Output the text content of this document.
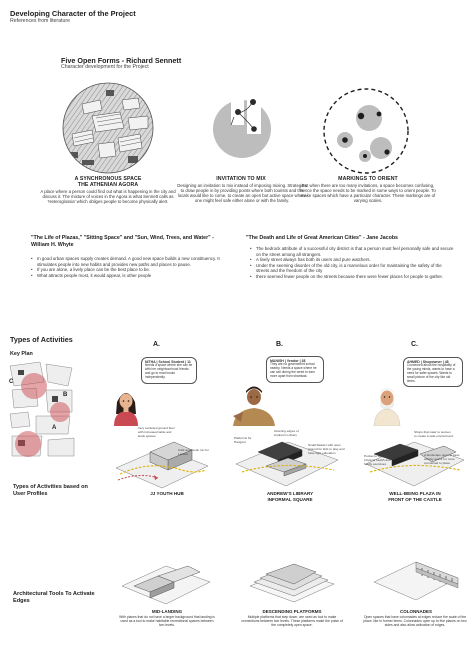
Developing Character of the Project
References from literature
Five Open Forms - Richard Sennett
Character development for the Project
A SYNCHRONOUS SPACE
THE ATHENIAN AGORA
A place where a person could find out what is happening in the city and discuss it. The mixture of voices in the Agora is what Sennett calls as 'Heteroglossia' which obliges people to become physically alert.
INVITATION TO MIX
Designing an invitation to mix instead of imposing mixing. Strategies to draw people in by providing points where both tourists and the locals would like to come, to create an open but active space where one might feel safe either alone or with the family.
MARKINGS TO ORIENT
But when there are too many invitations, a space becomes confusing, hence the space needs to be marked in some ways to orient people. To make spaces which have a particular character. These markings are of varying scales.
"The Life of Plazas," "Sitting Space" and "Sun, Wind, Trees, and Water" - William H. Whyte
• In good urban spaces supply creates demand. A good new space builds a new constituency. It stimulates people into new habits and provides new paths and places to pause.
• If you are alone, a lively place can be the best place to be.
• What attracts people most, it would appear, is other people
"The Death and Life of Great American Cities" - Jane Jacobs
• The bedrock attribute of a successful city district is that a person must feel personally safe and secure on the street among all strangers.
• A lively street always has both its users and pure watchers.
• Under the seeming disorder of the old city, is a marvelous order for maintaining the safety of the streets and the freedom of the city
• there seemed fewer people on the streets because there were fewer places for people to gather.
Types of Activities
Key Plan
C
B
A
Types of Activities based on User Profiles
Architectural Tools To Activate Edges
A.
NITHA | School Student | 11
Needs a space where she can be with her neighbourhood friends and go to read books independently.
Very secluded ground floor with increased table and kiosk spaces
Café and Kiosk run for Leisure
JJ YOUTH HUB
MID-LANDING
With places that do not have a larger background that landing is used as a tool to make habitable recreational spaces between two levels.
B.
MANISH | Vendor | 38
They are no government school nearby. Needs a space where he can sell during the week to earn more apart from shamiaal.
Platforms for Hangout
Outering edges of Andrew's Library
Small Reader with open ground for kids to play and have light education
ANDREW'S LIBRARY
INFORMAL SQUARE
DESCENDING PLATFORMS
Multiple platforms that step down, are used as tool to make connections between two levels. These platforms make the pulse of the completely open space.
C.
AHMED | Shopowner | 48
Concerned about the hospitality of the young minds, wants to have a need for safer spaces. Wants to small picture of the city like old times.
Shops that cater to women to create a safe environment
Pocket to stay for physical health and family exercises
A landscape open to pass activity and & for more connected to place
WELL-BEING PLAZA IN
FRONT OF THE CASTLE
COLONNADES
Open spaces that have colonnades at edges reduce the scale of the place, like in former times. Colonnades open up to five places on two sides and also allow activation of edges.
